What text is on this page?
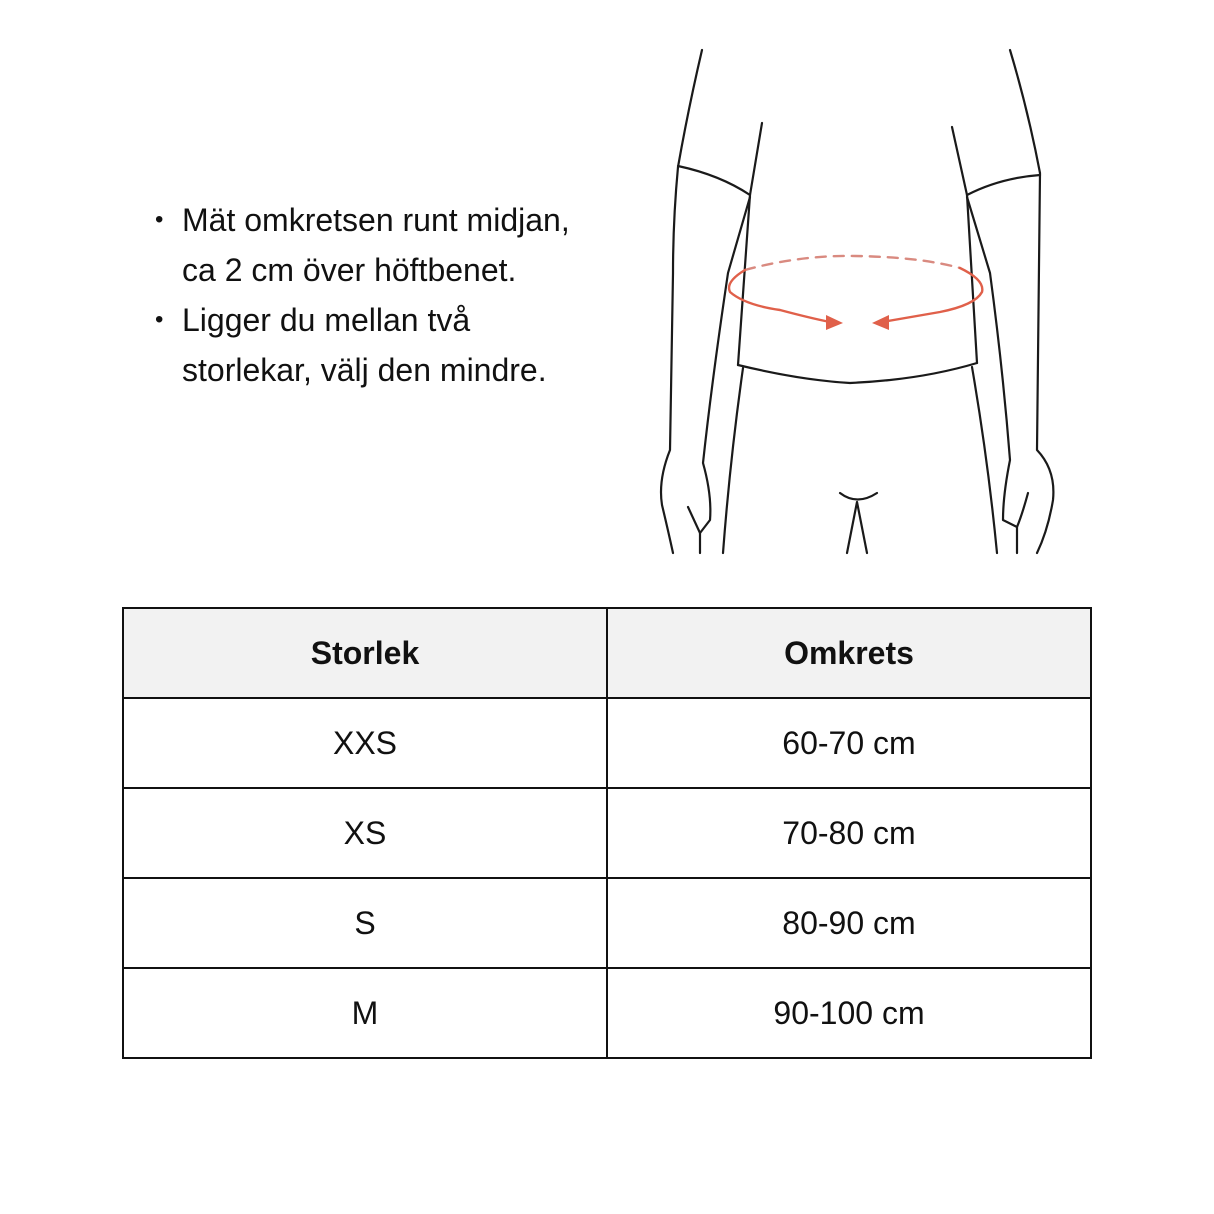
• Mät omkretsen runt midjan,
ca 2 cm över höftbenet.
• Ligger du mellan två
storlekar, välj den mindre.
Storlek	Omkrets
XXS	60-70 cm
XS	70-80 cm
S	80-90 cm
M	90-100 cm
